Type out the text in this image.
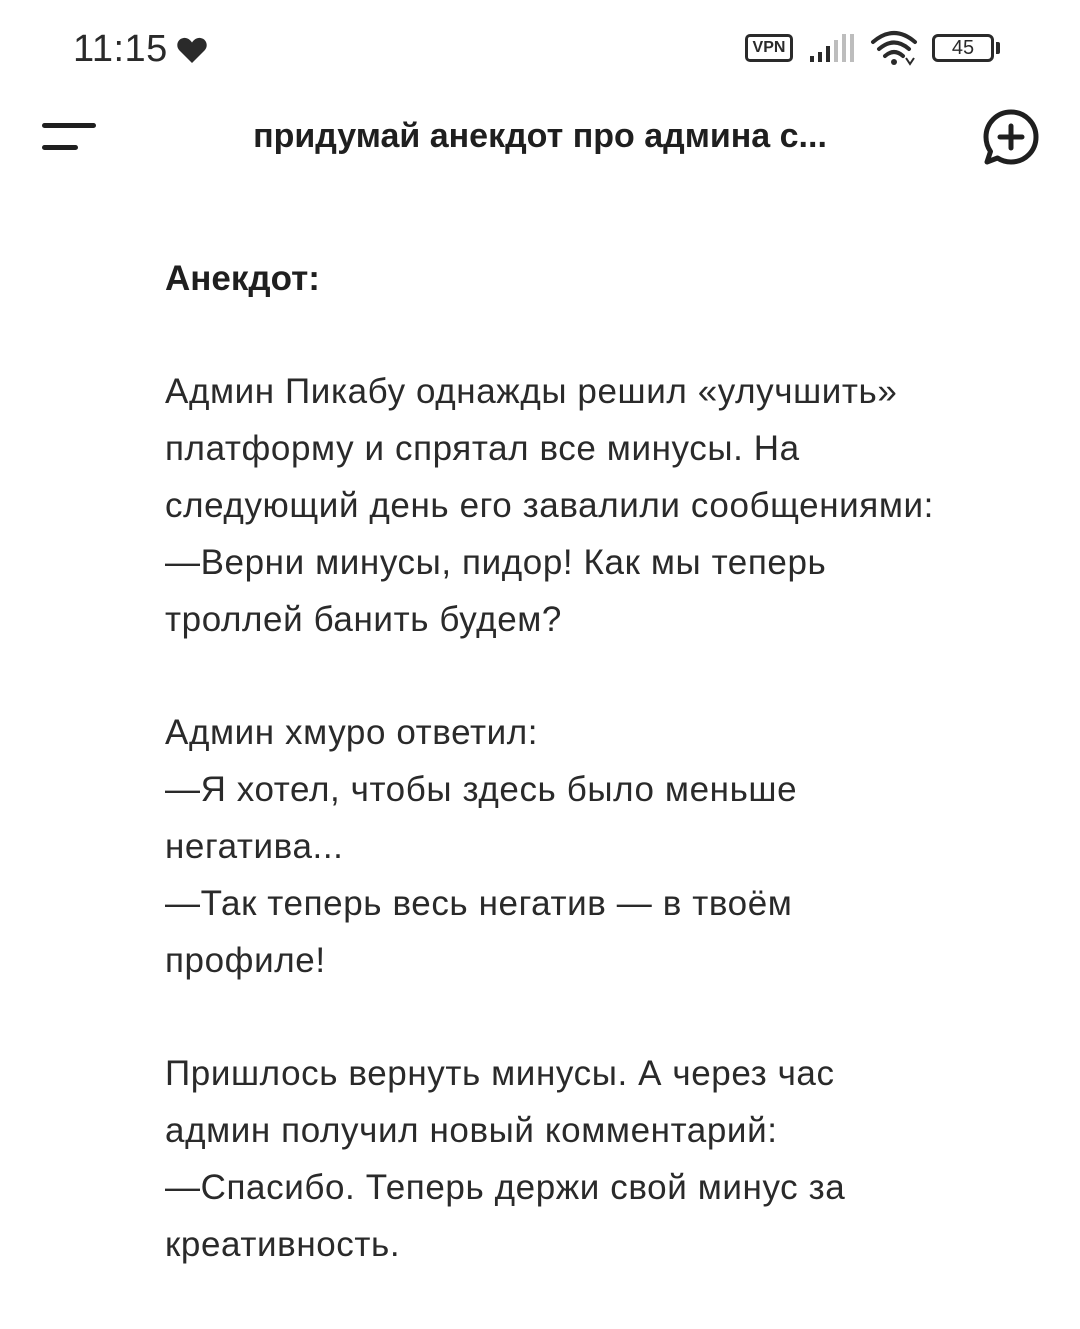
11:15	VPN	45
придумай анекдот про админа с...
Анекдот:
Админ Пикабу однажды решил «улучшить»
платформу и спрятал все минусы. На
следующий день его завалили сообщениями:
—Верни минусы, пидор! Как мы теперь
троллей банить будем?
Админ хмуро ответил:
—Я хотел, чтобы здесь было меньше
негатива...
—Так теперь весь негатив — в твоём
профиле!
Пришлось вернуть минусы. А через час
админ получил новый комментарий:
—Спасибо. Теперь держи свой минус за
креативность.
